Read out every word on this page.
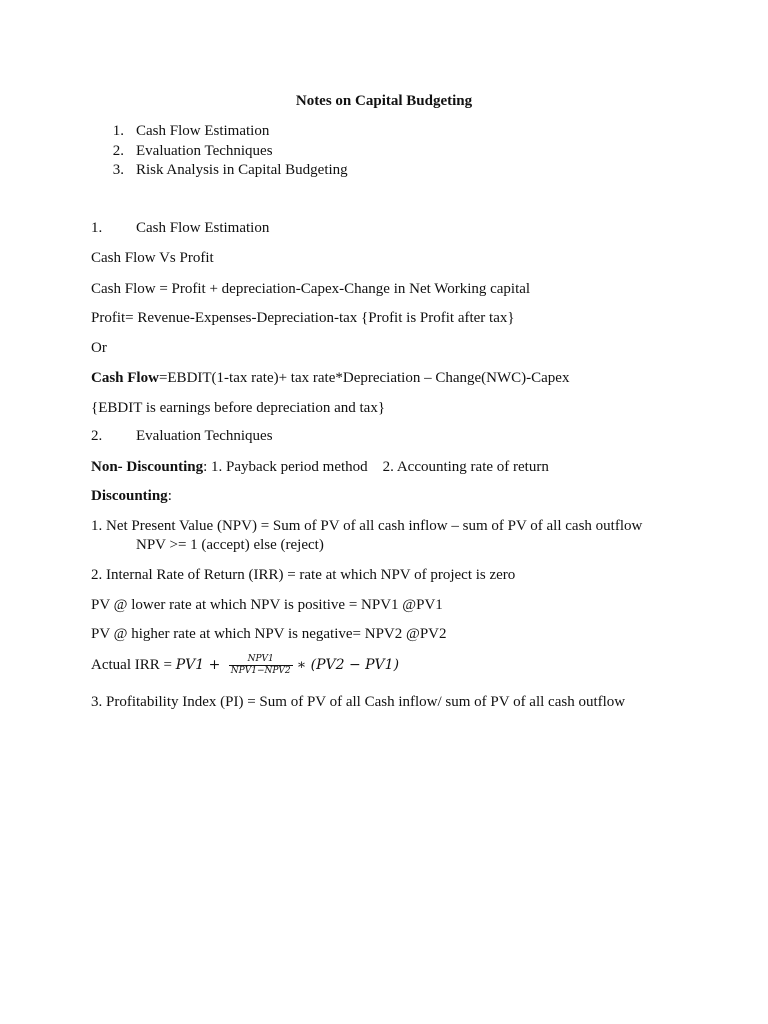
Notes on Capital Budgeting
1. Cash Flow Estimation
2. Evaluation Techniques
3. Risk Analysis in Capital Budgeting
1. Cash Flow Estimation
Cash Flow Vs Profit
Cash Flow = Profit + depreciation-Capex-Change in Net Working capital
Profit= Revenue-Expenses-Depreciation-tax {Profit is Profit after tax}
Or
Cash Flow=EBDIT(1-tax rate)+ tax rate*Depreciation – Change(NWC)-Capex
{EBDIT is earnings before depreciation and tax}
2. Evaluation Techniques
Non- Discounting: 1. Payback period method    2. Accounting rate of return
Discounting:
1. Net Present Value (NPV) = Sum of PV of all cash inflow – sum of PV of all cash outflow
NPV >= 1 (accept) else (reject)
2. Internal Rate of Return (IRR) = rate at which NPV of project is zero
PV @ lower rate at which NPV is positive = NPV1 @PV1
PV @ higher rate at which NPV is negative= NPV2 @PV2
Actual IRR = $PV1 + \frac{\text{NPV1}}{\text{NPV1−NPV2}}$ ∗ (PV2 − PV1)
3. Profitability Index (PI) = Sum of PV of all Cash inflow/ sum of PV of all cash outflow
